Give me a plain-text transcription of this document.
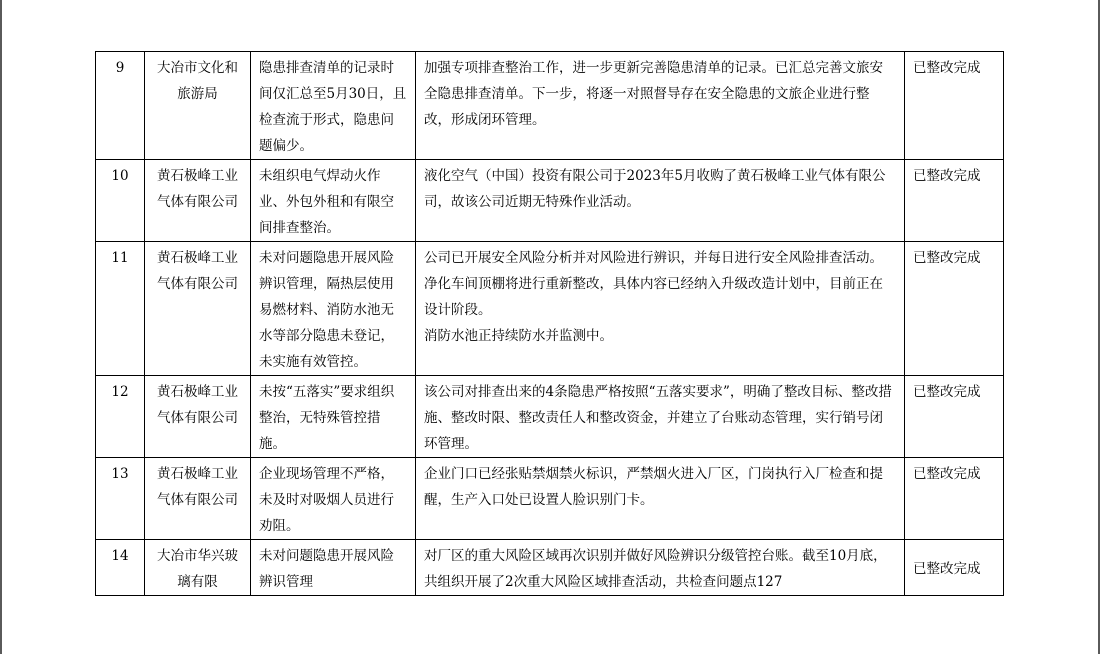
9	大冶市文化和旅游局	隐患排查清单的记录时间仅汇总至5月30日，且检查流于形式，隐患问题偏少。	加强专项排查整治工作，进一步更新完善隐患清单的记录。已汇总完善文旅安全隐患排查清单。下一步，将逐一对照督导存在安全隐患的文旅企业进行整改，形成闭环管理。	已整改完成
10	黄石极峰工业气体有限公司	未组织电气焊动火作业、外包外租和有限空间排查整治。	液化空气（中国）投资有限公司于2023年5月收购了黄石极峰工业气体有限公司，故该公司近期无特殊作业活动。	已整改完成
11	黄石极峰工业气体有限公司	未对问题隐患开展风险辨识管理，隔热层使用易燃材料、消防水池无水等部分隐患未登记，未实施有效管控。	公司已开展安全风险分析并对风险进行辨识，并每日进行安全风险排查活动。

净化车间顶棚将进行重新整改，具体内容已经纳入升级改造计划中，目前正在设计阶段。

消防水池正持续防水并监测中。	已整改完成
12	黄石极峰工业气体有限公司	未按“五落实”要求组织整治，无特殊管控措施。	该公司对排查出来的4条隐患严格按照“五落实要求”，明确了整改目标、整改措施、整改时限、整改责任人和整改资金，并建立了台账动态管理，实行销号闭环管理。	已整改完成
13	黄石极峰工业气体有限公司	企业现场管理不严格，未及时对吸烟人员进行劝阻。	企业门口已经张贴禁烟禁火标识，严禁烟火进入厂区，门岗执行入厂检查和提醒，生产入口处已设置人脸识别门卡。	已整改完成
14	大冶市华兴玻璃有限	未对问题隐患开展风险辨识管理	对厂区的重大风险区域再次识别并做好风险辨识分级管控台账。截至10月底，共组织开展了2次重大风险区域排查活动，共检查问题点127	已整改完成
